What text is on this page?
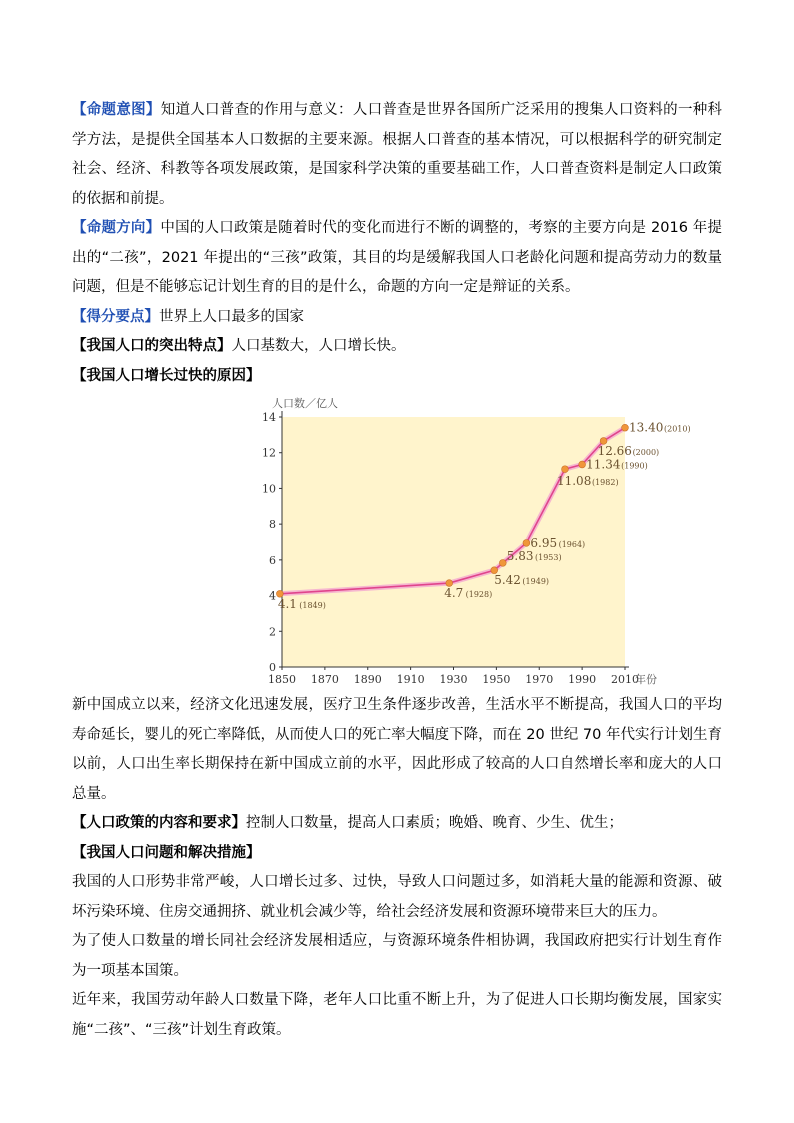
【命题意图】知道人口普查的作用与意义：人口普查是世界各国所广泛采用的搜集人口资料的一种科学方法，是提供全国基本人口数据的主要来源。根据人口普查的基本情况，可以根据科学的研究制定社会、经济、科教等各项发展政策，是国家科学决策的重要基础工作，人口普查资料是制定人口政策的依据和前提。

【命题方向】中国的人口政策是随着时代的变化而进行不断的调整的，考察的主要方向是 2016 年提出的“二孩”，2021 年提出的“三孩”政策，其目的均是缓解我国人口老龄化问题和提高劳动力的数量问题，但是不能够忘记计划生育的目的是什么，命题的方向一定是辩证的关系。

【得分要点】世界上人口最多的国家

【我国人口的突出特点】人口基数大，人口增长快。

【我国人口增长过快的原因】

0
2
4
6
8
10
12
14
1850 1870 1890 1910 1930 1950 1970 1990 2010
人口数／亿人
年份
4.1 (1849)
4.7 (1928)
5.42 (1949)
5.83 (1953)
6.95 (1964)
11.08 (1982)
11.34 (1990)
12.66 (2000)
13.40 (2010)

新中国成立以来，经济文化迅速发展，医疗卫生条件逐步改善，生活水平不断提高，我国人口的平均寿命延长，婴儿的死亡率降低，从而使人口的死亡率大幅度下降，而在 20 世纪 70 年代实行计划生育以前，人口出生率长期保持在新中国成立前的水平，因此形成了较高的人口自然增长率和庞大的人口总量。

【人口政策的内容和要求】控制人口数量，提高人口素质；晚婚、晚育、少生、优生；

【我国人口问题和解决措施】

我国的人口形势非常严峻，人口增长过多、过快，导致人口问题过多，如消耗大量的能源和资源、破坏污染环境、住房交通拥挤、就业机会减少等，给社会经济发展和资源环境带来巨大的压力。

为了使人口数量的增长同社会经济发展相适应，与资源环境条件相协调，我国政府把实行计划生育作为一项基本国策。

近年来，我国劳动年龄人口数量下降，老年人口比重不断上升，为了促进人口长期均衡发展，国家实施“二孩”、“三孩”计划生育政策。
